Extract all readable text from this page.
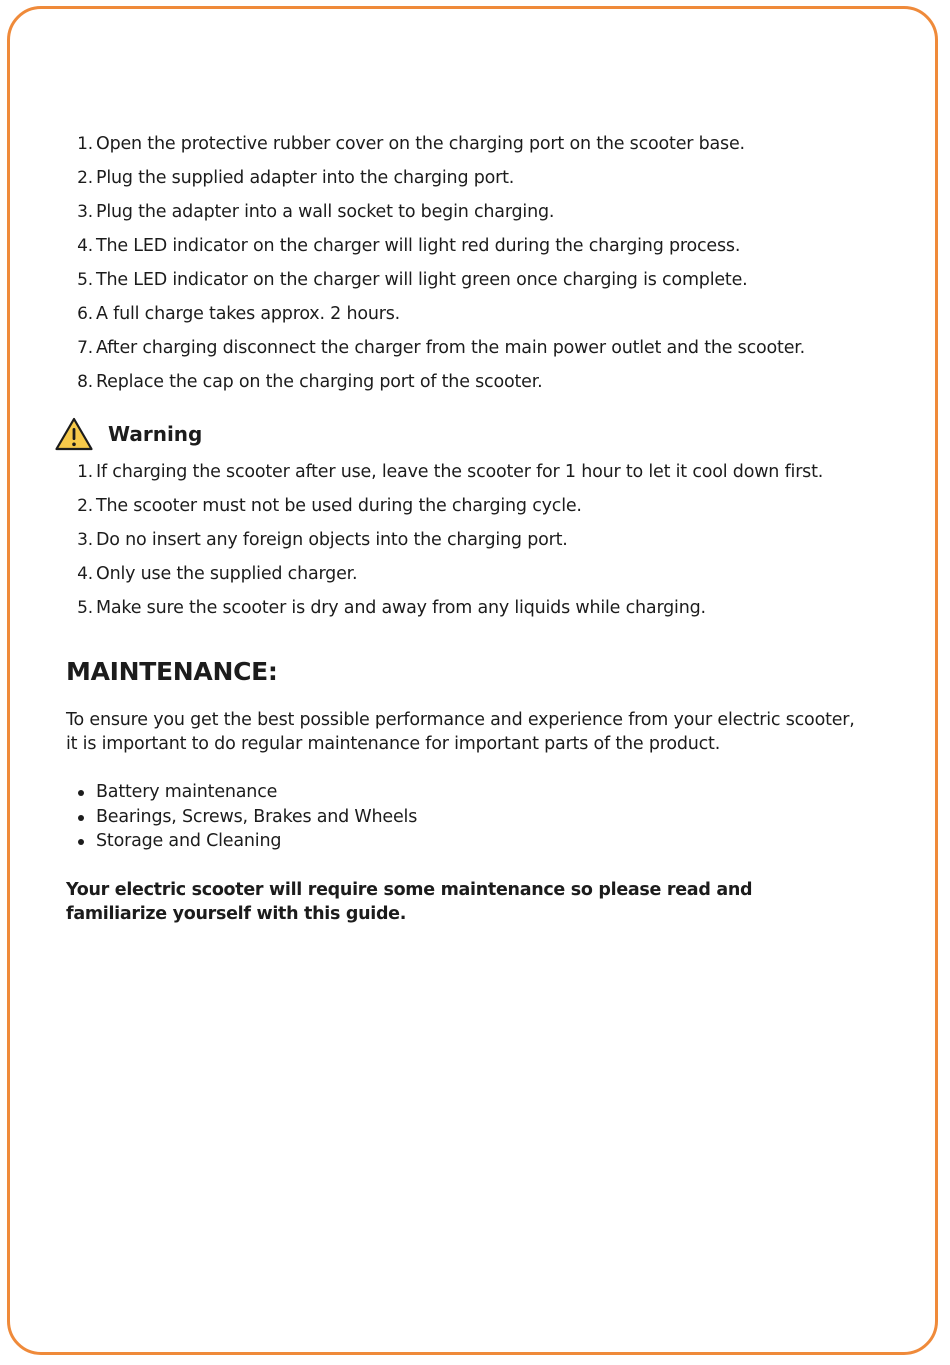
1. Open the protective rubber cover on the charging port on the scooter base.
2. Plug the supplied adapter into the charging port.
3. Plug the adapter into a wall socket to begin charging.
4. The LED indicator on the charger will light red during the charging process.
5. The LED indicator on the charger will light green once charging is complete.
6. A full charge takes approx. 2 hours.
7. After charging disconnect the charger from the main power outlet and the scooter.
8. Replace the cap on the charging port of the scooter.
Warning
1. If charging the scooter after use, leave the scooter for 1 hour to let it cool down first.
2. The scooter must not be used during the charging cycle.
3. Do no insert any foreign objects into the charging port.
4. Only use the supplied charger.
5. Make sure the scooter is dry and away from any liquids while charging.
MAINTENANCE:
To ensure you get the best possible performance and experience from your electric scooter, it is important to do regular maintenance for important parts of the product.
Battery maintenance
Bearings, Screws, Brakes and Wheels
Storage and Cleaning
Your electric scooter will require some maintenance so please read and familiarize yourself with this guide.
